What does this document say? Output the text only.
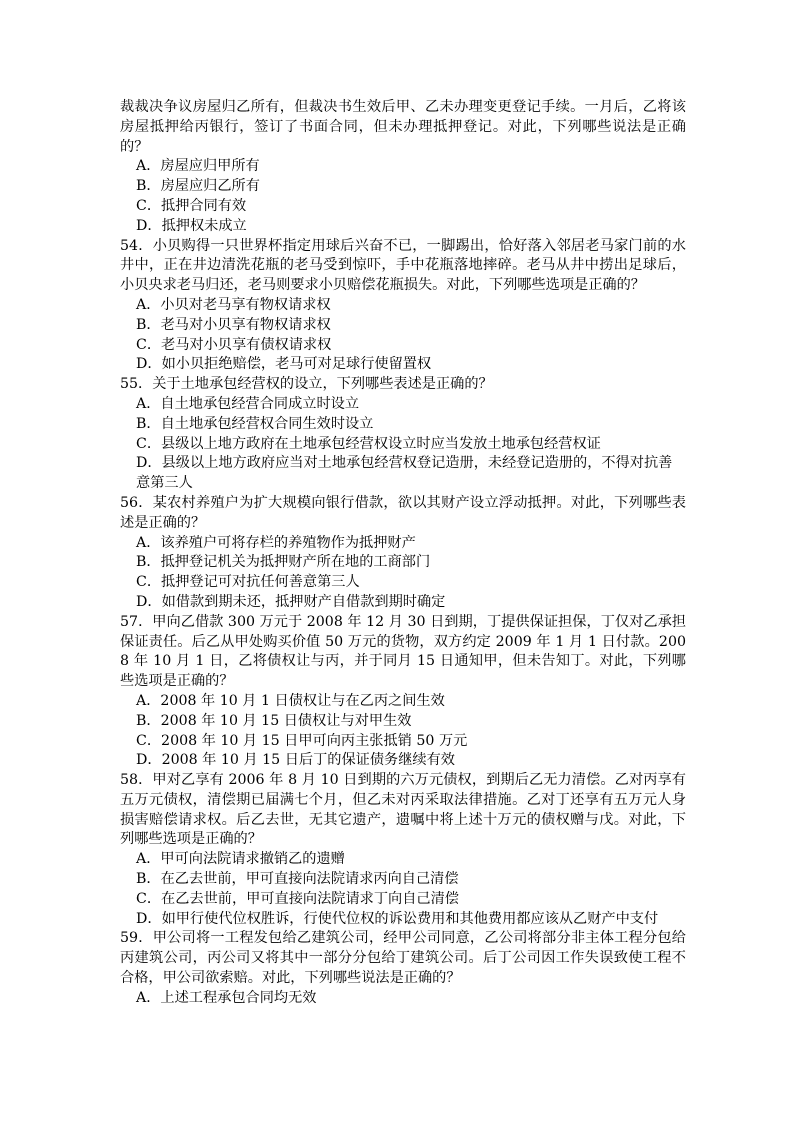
裁裁决争议房屋归乙所有，但裁决书生效后甲、乙未办理变更登记手续。一月后，乙将该房屋抵押给丙银行，签订了书面合同，但未办理抵押登记。对此，下列哪些说法是正确的？

A．房屋应归甲所有

B．房屋应归乙所有

C．抵押合同有效

D．抵押权未成立

54．小贝购得一只世界杯指定用球后兴奋不已，一脚踢出，恰好落入邻居老马家门前的水井中，正在井边清洗花瓶的老马受到惊吓，手中花瓶落地摔碎。老马从井中捞出足球后，小贝央求老马归还，老马则要求小贝赔偿花瓶损失。对此，下列哪些选项是正确的？

A．小贝对老马享有物权请求权

B．老马对小贝享有物权请求权

C．老马对小贝享有债权请求权

D．如小贝拒绝赔偿，老马可对足球行使留置权

55．关于土地承包经营权的设立，下列哪些表述是正确的？

A．自土地承包经营合同成立时设立

B．自土地承包经营权合同生效时设立

C．县级以上地方政府在土地承包经营权设立时应当发放土地承包经营权证

D．县级以上地方政府应当对土地承包经营权登记造册，未经登记造册的，不得对抗善意第三人

56．某农村养殖户为扩大规模向银行借款，欲以其财产设立浮动抵押。对此，下列哪些表述是正确的？

A．该养殖户可将存栏的养殖物作为抵押财产

B．抵押登记机关为抵押财产所在地的工商部门

C．抵押登记可对抗任何善意第三人

D．如借款到期未还，抵押财产自借款到期时确定

57．甲向乙借款 300 万元于 2008 年 12 月 30 日到期，丁提供保证担保，丁仅对乙承担保证责任。后乙从甲处购买价值 50 万元的货物，双方约定 2009 年 1 月 1 日付款。2008 年 10 月 1 日，乙将债权让与丙，并于同月 15 日通知甲，但未告知丁。对此，下列哪些选项是正确的？

A．2008 年 10 月 1 日债权让与在乙丙之间生效

B．2008 年 10 月 15 日债权让与对甲生效

C．2008 年 10 月 15 日甲可向丙主张抵销 50 万元

D．2008 年 10 月 15 日后丁的保证债务继续有效

58．甲对乙享有 2006 年 8 月 10 日到期的六万元债权，到期后乙无力清偿。乙对丙享有五万元债权，清偿期已届满七个月，但乙未对丙采取法律措施。乙对丁还享有五万元人身损害赔偿请求权。后乙去世，无其它遗产，遗嘱中将上述十万元的债权赠与戊。对此，下列哪些选项是正确的？

A．甲可向法院请求撤销乙的遗赠

B．在乙去世前，甲可直接向法院请求丙向自己清偿

C．在乙去世前，甲可直接向法院请求丁向自己清偿

D．如甲行使代位权胜诉，行使代位权的诉讼费用和其他费用都应该从乙财产中支付

59．甲公司将一工程发包给乙建筑公司，经甲公司同意，乙公司将部分非主体工程分包给丙建筑公司，丙公司又将其中一部分分包给丁建筑公司。后丁公司因工作失误致使工程不合格，甲公司欲索赔。对此，下列哪些说法是正确的？

A．上述工程承包合同均无效
